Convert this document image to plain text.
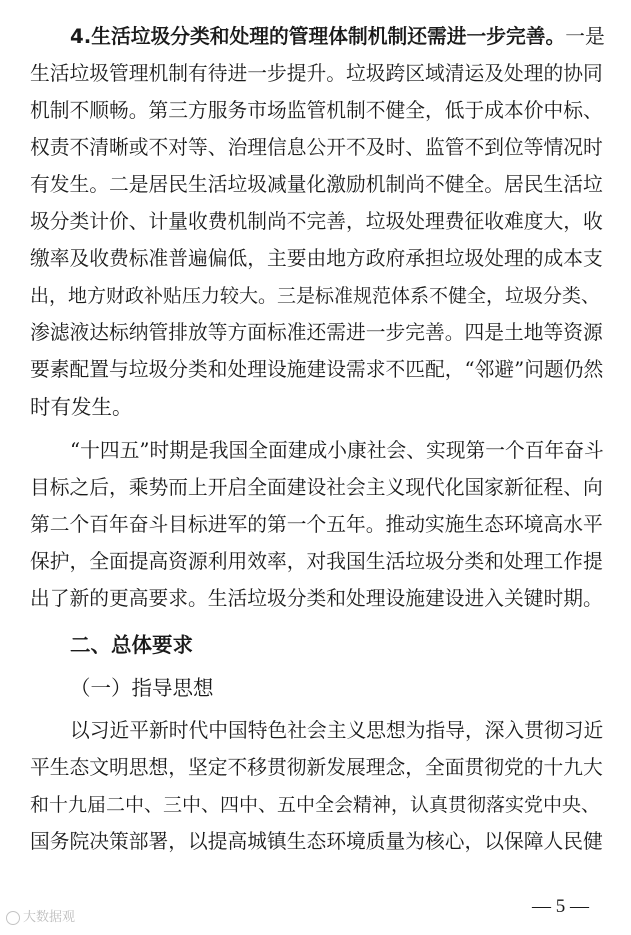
4.生活垃圾分类和处理的管理体制机制还需进一步完善。一是
生活垃圾管理机制有待进一步提升。垃圾跨区域清运及处理的协同
机制不顺畅。第三方服务市场监管机制不健全，低于成本价中标、
权责不清晰或不对等、治理信息公开不及时、监管不到位等情况时
有发生。二是居民生活垃圾减量化激励机制尚不健全。居民生活垃
圾分类计价、计量收费机制尚不完善，垃圾处理费征收难度大，收
缴率及收费标准普遍偏低，主要由地方政府承担垃圾处理的成本支
出，地方财政补贴压力较大。三是标准规范体系不健全，垃圾分类、
渗滤液达标纳管排放等方面标准还需进一步完善。四是土地等资源
要素配置与垃圾分类和处理设施建设需求不匹配，“邻避”问题仍然
时有发生。
“十四五”时期是我国全面建成小康社会、实现第一个百年奋斗
目标之后，乘势而上开启全面建设社会主义现代化国家新征程、向
第二个百年奋斗目标进军的第一个五年。推动实施生态环境高水平
保护，全面提高资源利用效率，对我国生活垃圾分类和处理工作提
出了新的更高要求。生活垃圾分类和处理设施建设进入关键时期。
二、总体要求
（一）指导思想
以习近平新时代中国特色社会主义思想为指导，深入贯彻习近
平生态文明思想，坚定不移贯彻新发展理念，全面贯彻党的十九大
和十九届二中、三中、四中、五中全会精神，认真贯彻落实党中央、
国务院决策部署，以提高城镇生态环境质量为核心，以保障人民健
— 5 —
大数据观
